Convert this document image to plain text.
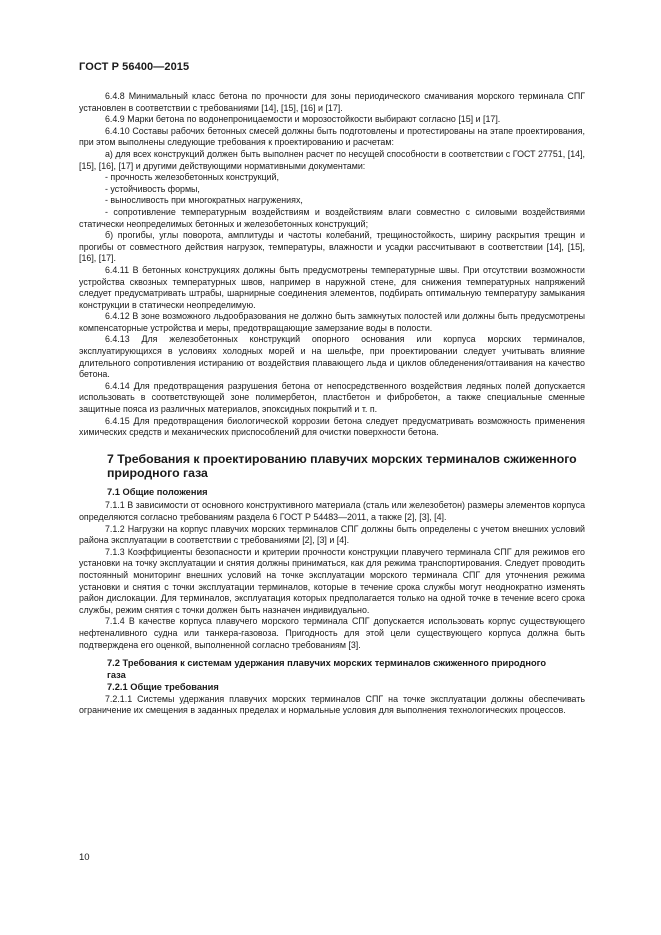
ГОСТ Р 56400—2015

6.4.8 Минимальный класс бетона по прочности для зоны периодического смачивания морского терминала СПГ установлен в соответствии с требованиями [14], [15], [16] и [17].

6.4.9 Марки бетона по водонепроницаемости и морозостойкости выбирают согласно [15] и [17].

6.4.10 Составы рабочих бетонных смесей должны быть подготовлены и протестированы на этапе проектирования, при этом выполнены следующие требования к проектированию и расчетам:

а) для всех конструкций должен быть выполнен расчет по несущей способности в соответствии с ГОСТ 27751, [14], [15], [16], [17] и другими действующими нормативными документами:

- прочность железобетонных конструкций,

- устойчивость формы,

- выносливость при многократных нагружениях,

- сопротивление температурным воздействиям и воздействиям влаги совместно с силовыми воздействиями статически неопределимых бетонных и железобетонных конструкций;

б) прогибы, углы поворота, амплитуды и частоты колебаний, трещиностойкость, ширину раскрытия трещин и прогибы от совместного действия нагрузок, температуры, влажности и усадки рассчитывают в соответствии [14], [15], [16], [17].

6.4.11 В бетонных конструкциях должны быть предусмотрены температурные швы. При отсутствии возможности устройства сквозных температурных швов, например в наружной стене, для снижения температурных напряжений следует предусматривать штрабы, шарнирные соединения элементов, подбирать оптимальную температуру замыкания конструкции в статически неопределимую.

6.4.12 В зоне возможного льдообразования не должно быть замкнутых полостей или должны быть предусмотрены компенсаторные устройства и меры, предотвращающие замерзание воды в полости.

6.4.13 Для железобетонных конструкций опорного основания или корпуса морских терминалов, эксплуатирующихся в условиях холодных морей и на шельфе, при проектировании следует учитывать влияние длительного сопротивления истиранию от воздействия плавающего льда и циклов обледенения/оттаивания на качество бетона.

6.4.14 Для предотвращения разрушения бетона от непосредственного воздействия ледяных полей допускается использовать в соответствующей зоне полимербетон, пластбетон и фибробетон, а также специальные сменные защитные пояса из различных материалов, эпоксидных покрытий и т. п.

6.4.15 Для предотвращения биологической коррозии бетона следует предусматривать возможность применения химических средств и механических приспособлений для очистки поверхности бетона.

7 Требования к проектированию плавучих морских терминалов сжиженного природного газа
7.1 Общие положения

7.1.1 В зависимости от основного конструктивного материала (сталь или железобетон) размеры элементов корпуса определяются согласно требованиям раздела 6 ГОСТ Р 54483—2011, а также [2], [3], [4].

7.1.2 Нагрузки на корпус плавучих морских терминалов СПГ должны быть определены с учетом внешних условий района эксплуатации в соответствии с требованиями [2], [3] и [4].

7.1.3 Коэффициенты безопасности и критерии прочности конструкции плавучего терминала СПГ для режимов его установки на точку эксплуатации и снятия должны приниматься, как для режима транспортирования. Следует проводить постоянный мониторинг внешних условий на точке эксплуатации морского терминала СПГ для уточнения режима установки и снятия с точки эксплуатации терминалов, которые в течение срока службы могут неоднократно изменять район дислокации. Для терминалов, эксплуатация которых предполагается только на одной точке в течение всего срока службы, режим снятия с точки должен быть назначен индивидуально.

7.1.4 В качестве корпуса плавучего морского терминала СПГ допускается использовать корпус существующего нефтеналивного судна или танкера-газовоза. Пригодность для этой цели существующего корпуса должна быть подтверждена его оценкой, выполненной согласно требованиям [3].

7.2 Требования к системам удержания плавучих морских терминалов сжиженного природного газа
7.2.1 Общие требования

7.2.1.1 Системы удержания плавучих морских терминалов СПГ на точке эксплуатации должны обеспечивать ограничение их смещения в заданных пределах и нормальные условия для выполнения технологических процессов.

10
